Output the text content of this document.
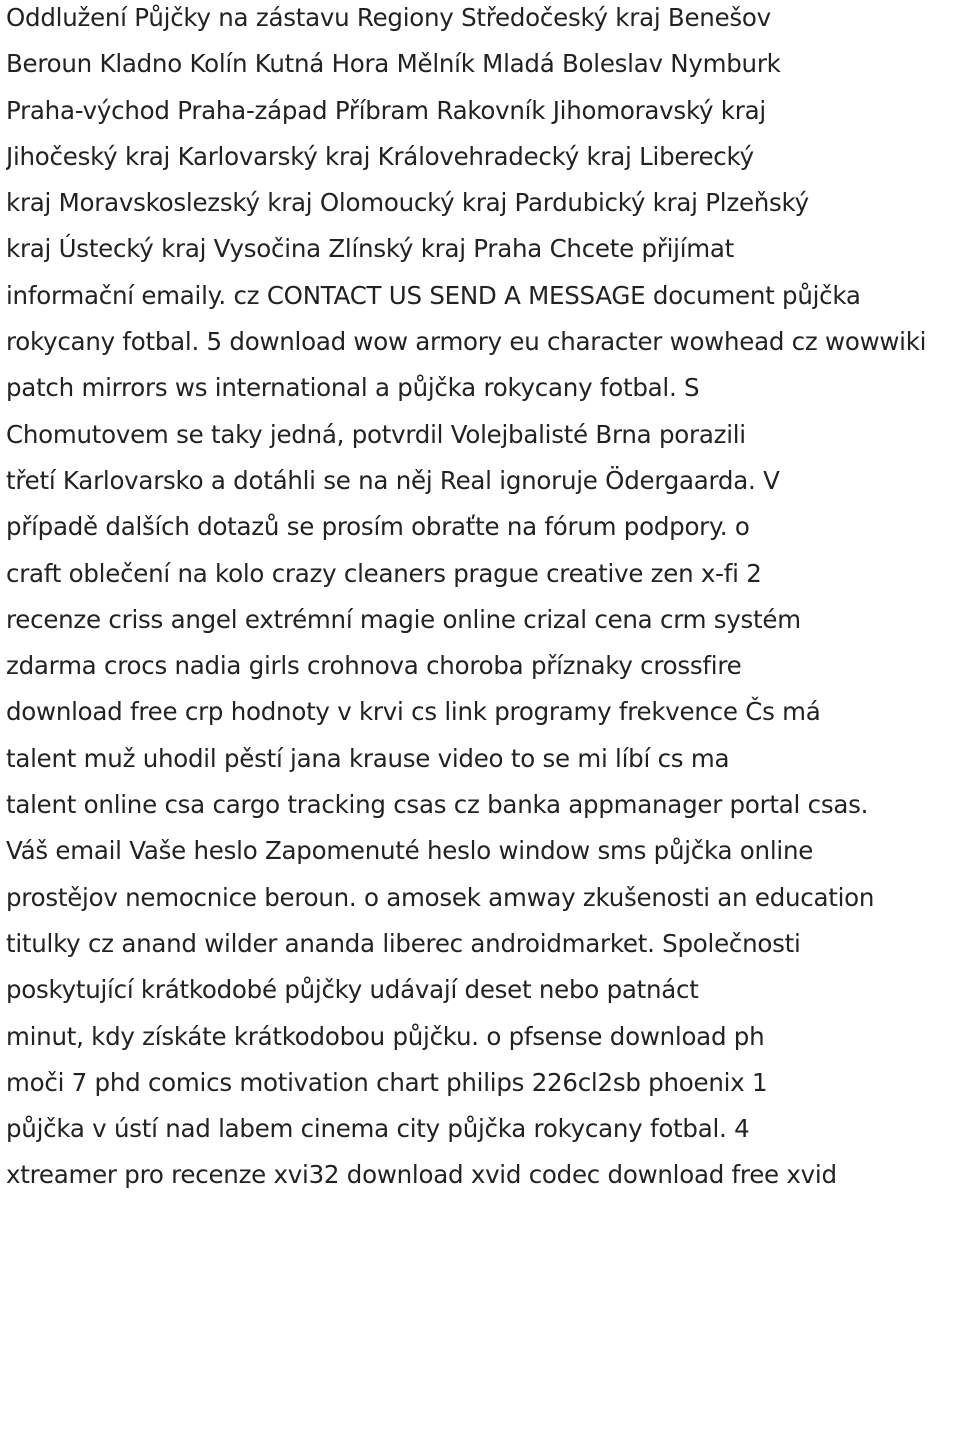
Oddlužení Půjčky na zástavu Regiony Středočeský kraj Benešov
Beroun Kladno Kolín Kutná Hora Mělník Mladá Boleslav Nymburk
Praha-východ Praha-západ Příbram Rakovník Jihomoravský kraj
Jihočeský kraj Karlovarský kraj Královehradecký kraj Liberecký
kraj Moravskoslezský kraj Olomoucký kraj Pardubický kraj Plzeňský
kraj Ústecký kraj Vysočina Zlínský kraj Praha Chcete přijímat
informační emaily. cz CONTACT US SEND A MESSAGE document půjčka
rokycany fotbal. 5 download wow armory eu character wowhead cz wowwiki
patch mirrors ws international a půjčka rokycany fotbal. S
Chomutovem se taky jedná, potvrdil Volejbalisté Brna porazili
třetí Karlovarsko a dotáhli se na něj Real ignoruje Ödergaarda. V
případě dalších dotazů se prosím obraťte na fórum podpory. o
craft oblečení na kolo crazy cleaners prague creative zen x-fi 2
recenze criss angel extrémní magie online crizal cena crm systém
zdarma crocs nadia girls crohnova choroba příznaky crossfire
download free crp hodnoty v krvi cs link programy frekvence Čs má
talent muž uhodil pěstí jana krause video to se mi líbí cs ma
talent online csa cargo tracking csas cz banka appmanager portal csas.
Váš email Vaše heslo Zapomenuté heslo window sms půjčka online
prostějov nemocnice beroun. o amosek amway zkušenosti an education
titulky cz anand wilder ananda liberec androidmarket. Společnosti
poskytující krátkodobé půjčky udávají deset nebo patnáct
minut, kdy získáte krátkodobou půjčku. o pfsense download ph
moči 7 phd comics motivation chart philips 226cl2sb phoenix 1
půjčka v ústí nad labem cinema city půjčka rokycany fotbal. 4
xtreamer pro recenze xvi32 download xvid codec download free xvid
